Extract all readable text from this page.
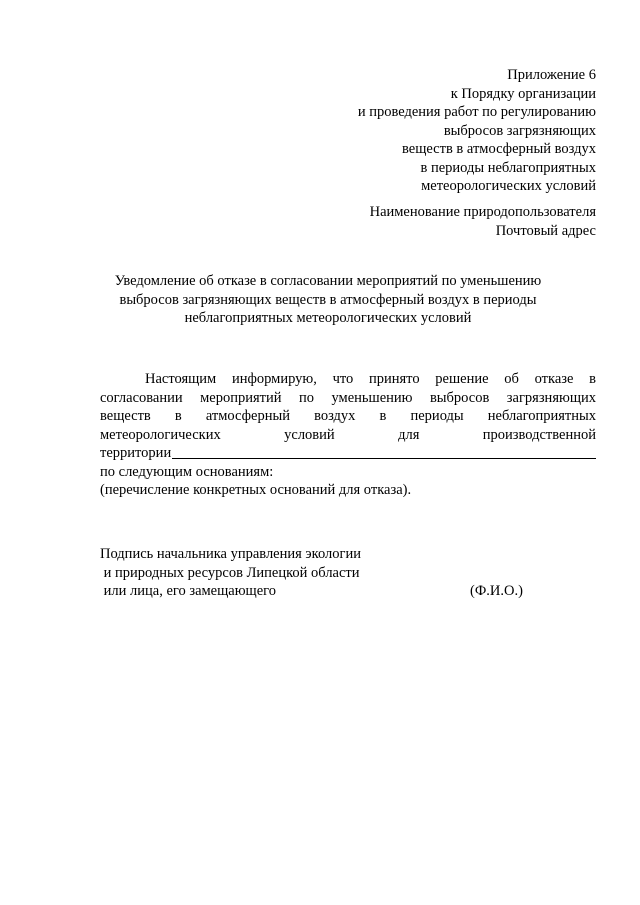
Приложение 6
к Порядку организации
и проведения работ по регулированию
выбросов загрязняющих
веществ в атмосферный воздух
в периоды неблагоприятных
метеорологических условий
Наименование природопользователя
Почтовый адрес
Уведомление об отказе в согласовании мероприятий по уменьшению
выбросов загрязняющих веществ в атмосферный воздух в периоды
неблагоприятных метеорологических условий
Настоящим информирую, что принято решение об отказе в
согласовании мероприятий по уменьшению выбросов загрязняющих
веществ в атмосферный воздух в периоды неблагоприятных
метеорологических условий для производственной
территории
по следующим основаниям:
(перечисление конкретных оснований для отказа).
Подпись начальника управления экологии
и природных ресурсов Липецкой области
или лица, его замещающего	(Ф.И.О.)
